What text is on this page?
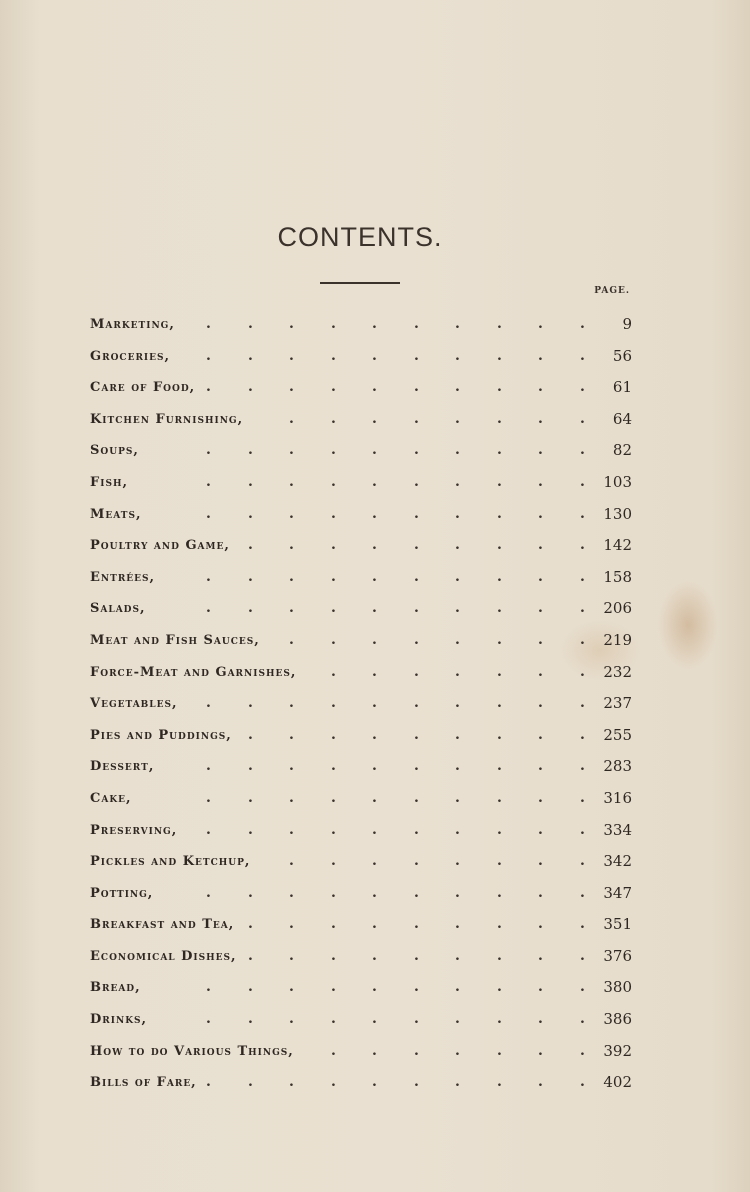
CONTENTS.
PAGE.
.	.	.	.	.	.	.	.	.	.
Marketing,	9
.	.	.	.	.	.	.	.	.	.
Groceries,	56
.	.	.	.	.	.	.	.	.	.
Care of Food,	61
.	.	.	.	.	.	.	.
Kitchen Furnishing,	64
.	.	.	.	.	.	.	.	.	.
Soups,	82
.	.	.	.	.	.	.	.	.	.
Fish,	103
.	.	.	.	.	.	.	.	.	.
Meats,	130
.	.	.	.	.	.	.	.	.
Poultry and Game,	142
.	.	.	.	.	.	.	.	.	.
Entrées,	158
.	.	.	.	.	.	.	.	.	.
Salads,	206
.	.	.	.	.	.	.	.
Meat and Fish Sauces,	219
.	.	.	.	.	.	.
Force-Meat and Garnishes,	232
.	.	.	.	.	.	.	.	.	.
Vegetables,	237
.	.	.	.	.	.	.	.	.
Pies and Puddings,	255
.	.	.	.	.	.	.	.	.	.
Dessert,	283
.	.	.	.	.	.	.	.	.	.
Cake,	316
.	.	.	.	.	.	.	.	.	.
Preserving,	334
.	.	.	.	.	.	.	.
Pickles and Ketchup,	342
.	.	.	.	.	.	.	.	.	.
Potting,	347
.	.	.	.	.	.	.	.	.
Breakfast and Tea,	351
.	.	.	.	.	.	.	.	.
Economical Dishes,	376
.	.	.	.	.	.	.	.	.	.
Bread,	380
.	.	.	.	.	.	.	.	.	.
Drinks,	386
.	.	.	.	.	.	.
How to do Various Things,	392
.	.	.	.	.	.	.	.	.	.
Bills of Fare,	402
